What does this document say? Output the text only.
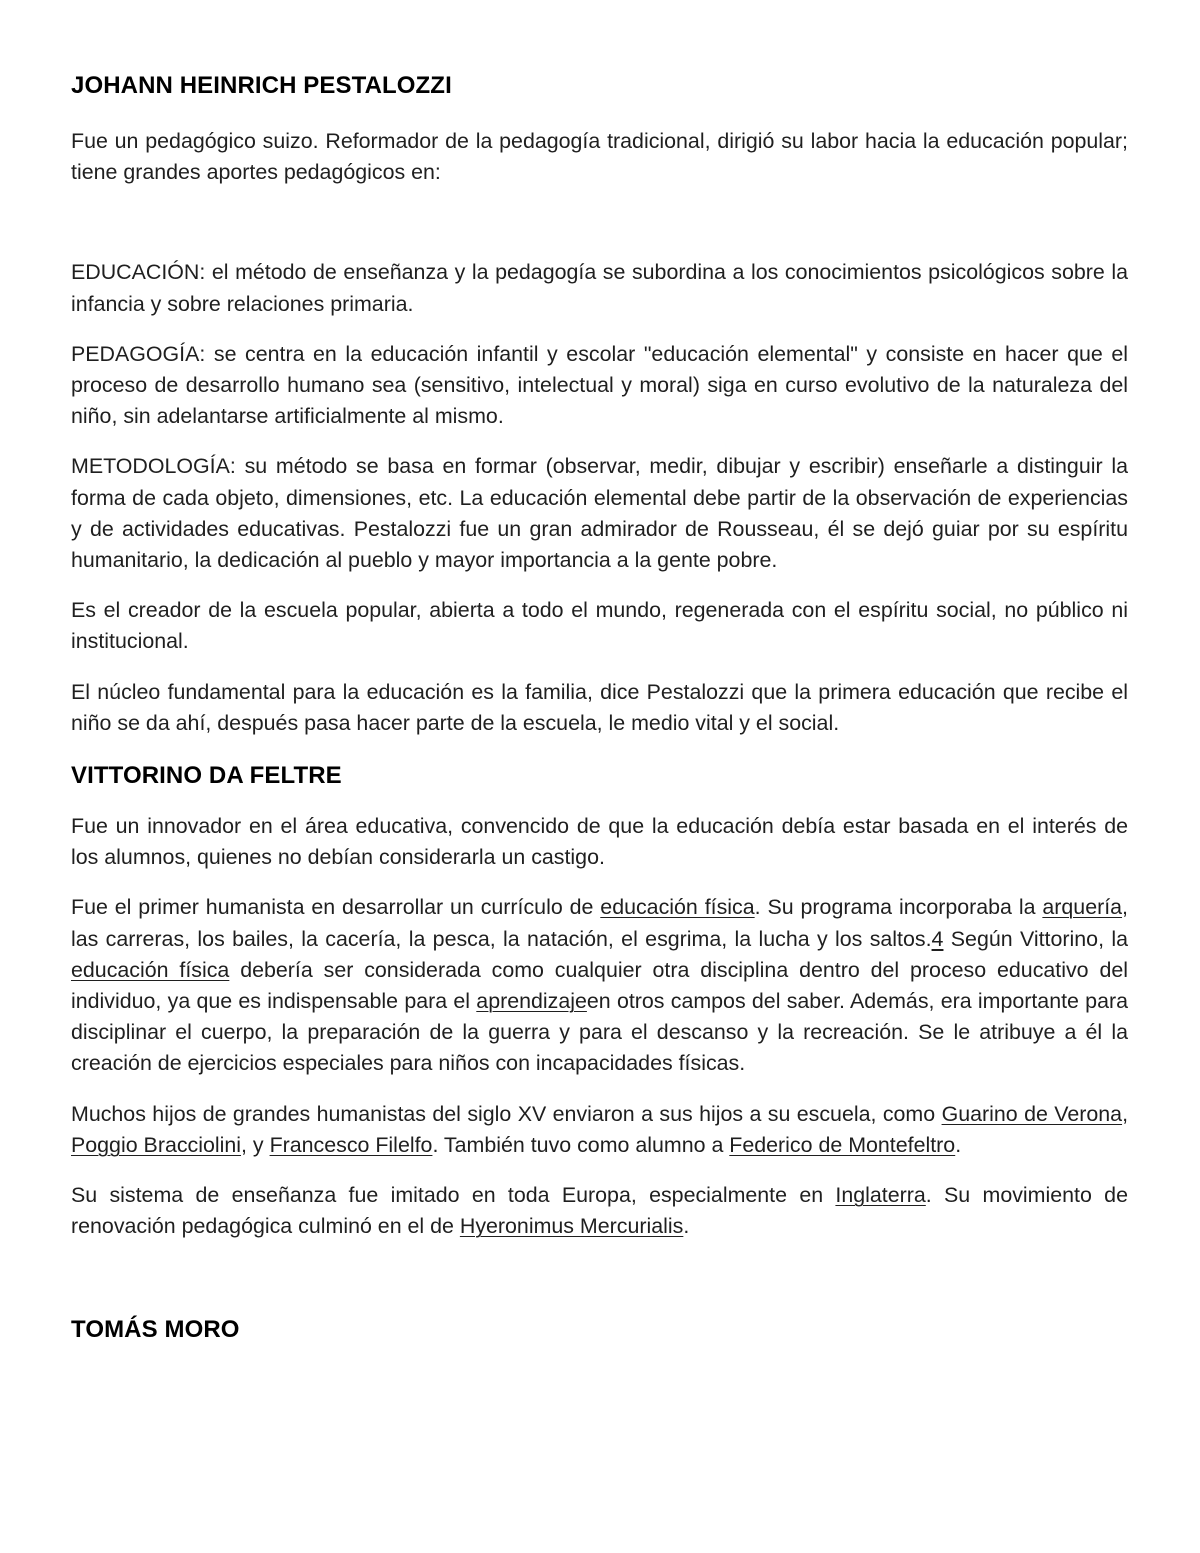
JOHANN HEINRICH PESTALOZZI

Fue un pedagógico suizo. Reformador de la pedagogía tradicional, dirigió su labor hacia la educación popular; tiene grandes aportes pedagógicos en:

EDUCACIÓN: el método de enseñanza y la pedagogía se subordina a los conocimientos psicológicos sobre la infancia y sobre relaciones primaria.

PEDAGOGÍA: se centra en la educación infantil y escolar "educación elemental" y consiste en hacer que el proceso de desarrollo humano sea (sensitivo, intelectual y moral) siga en curso evolutivo de la naturaleza del niño, sin adelantarse artificialmente al mismo.

METODOLOGÍA: su método se basa en formar (observar, medir, dibujar y escribir) enseñarle a distinguir la forma de cada objeto, dimensiones, etc. La educación elemental debe partir de la observación de experiencias y de actividades educativas. Pestalozzi fue un gran admirador de Rousseau, él se dejó guiar por su espíritu humanitario, la dedicación al pueblo y mayor importancia a la gente pobre.

Es el creador de la escuela popular, abierta a todo el mundo, regenerada con el espíritu social, no público ni institucional.

El núcleo fundamental para la educación es la familia, dice Pestalozzi que la primera educación que recibe el niño se da ahí, después pasa hacer parte de la escuela, le medio vital y el social.

VITTORINO DA FELTRE

Fue un innovador en el área educativa, convencido de que la educación debía estar basada en el interés de los alumnos, quienes no debían considerarla un castigo.

Fue el primer humanista en desarrollar un currículo de educación física. Su programa incorporaba la arquería, las carreras, los bailes, la cacería, la pesca, la natación, el esgrima, la lucha y los saltos.4 Según Vittorino, la educación física debería ser considerada como cualquier otra disciplina dentro del proceso educativo del individuo, ya que es indispensable para el aprendizajeen otros campos del saber. Además, era importante para disciplinar el cuerpo, la preparación de la guerra y para el descanso y la recreación. Se le atribuye a él la creación de ejercicios especiales para niños con incapacidades físicas.

Muchos hijos de grandes humanistas del siglo XV enviaron a sus hijos a su escuela, como Guarino de Verona, Poggio Bracciolini, y Francesco Filelfo. También tuvo como alumno a Federico de Montefeltro.

Su sistema de enseñanza fue imitado en toda Europa, especialmente en Inglaterra. Su movimiento de renovación pedagógica culminó en el de Hyeronimus Mercurialis.

TOMÁS MORO
